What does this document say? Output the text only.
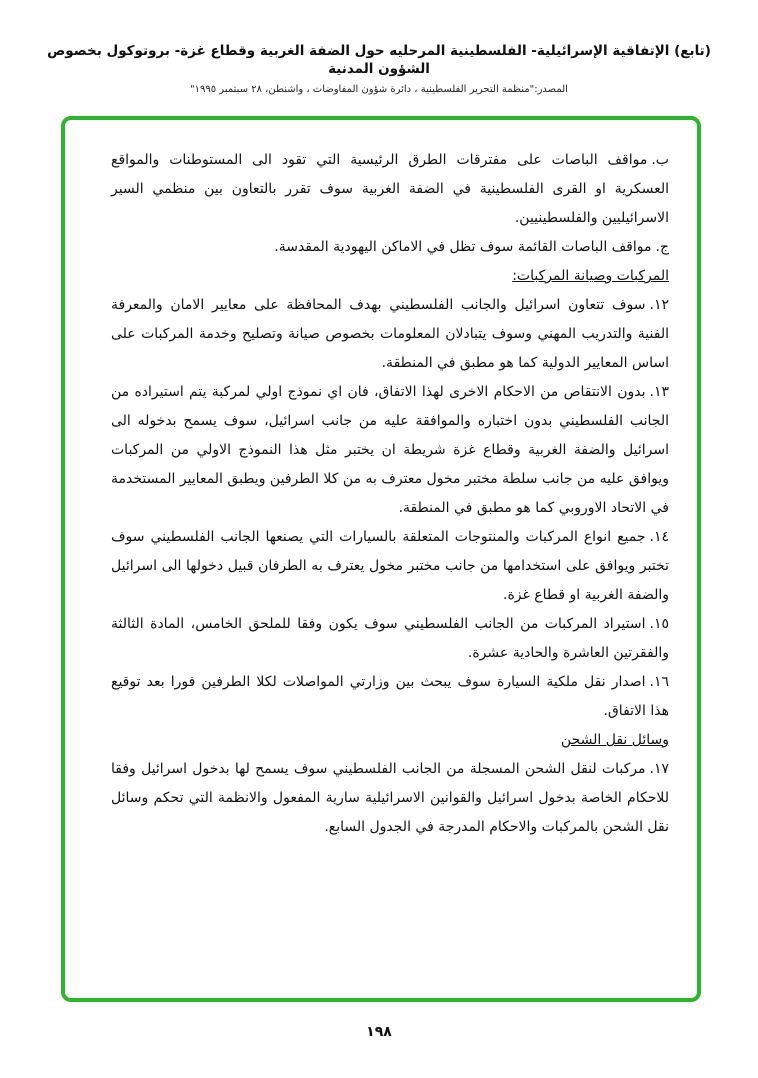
(تابع) الإتفاقية الإسرائيلية- الفلسطينية المرحليه حول الضفة الغربية وقطاع غزة- بروتوكول بخصوص الشؤون المدنية
المصدر:"منظمة التحرير الفلسطينية ، دائرة شؤون المفاوضات ، واشنطن، ٢٨ سبتمبر ١٩٩٥"

ب.مواقف الباصات على مفترقات الطرق الرئيسية التي تقود الى المستوطنات والمواقع العسكرية او القرى الفلسطينية في الضفة الغربية سوف تقرر بالتعاون بين منظمي السير الاسرائيليين والفلسطينيين.

ج.مواقف الباصات القائمة سوف تظل في الاماكن اليهودية المقدسة.

المركبات وصيانة المركبات:

١٢.سوف تتعاون اسرائيل والجانب الفلسطيني بهدف المحافظة على معايير الامان والمعرفة الفنية والتدريب المهني وسوف يتبادلان المعلومات بخصوص صيانة وتصليح وخدمة المركبات على اساس المعايير الدولية كما هو مطبق في المنطقة.

١٣.بدون الانتقاص من الاحكام الاخرى لهذا الاتفاق، فان اي نموذج اولي لمركبة يتم استيراده من الجانب الفلسطيني بدون اختباره والموافقة عليه من جانب اسرائيل، سوف يسمح بدخوله الى اسرائيل والضفة الغربية وقطاع غزة شريطة ان يختبر مثل هذا النموذج الاولي من المركبات ويوافق عليه من جانب سلطة مختبر مخول معترف به من كلا الطرفين ويطبق المعايير المستخدمة في الاتحاد الاوروبي كما هو مطبق في المنطقة.

١٤.جميع انواع المركبات والمنتوجات المتعلقة بالسيارات التي يصنعها الجانب الفلسطيني سوف تختبر ويوافق على استخدامها من جانب مختبر مخول يعترف به الطرفان قبيل دخولها الى اسرائيل والضفة الغربية او قطاع غزة.

١٥.استيراد المركبات من الجانب الفلسطيني سوف يكون وفقا للملحق الخامس، المادة الثالثة والفقرتين العاشرة والحادية عشرة.

١٦.اصدار نقل ملكية السيارة سوف يبحث بين وزارتي المواصلات لكلا الطرفين فورا بعد توقيع هذا الاتفاق.

وسائل نقل الشحن

١٧.مركبات لنقل الشحن المسجلة من الجانب الفلسطيني سوف يسمح لها بدخول اسرائيل وفقا للاحكام الخاصة بدخول اسرائيل والقوانين الاسرائيلية سارية المفعول والانظمة التي تحكم وسائل نقل الشحن بالمركبات والاحكام المدرجة في الجدول السابع.

١٩٨
